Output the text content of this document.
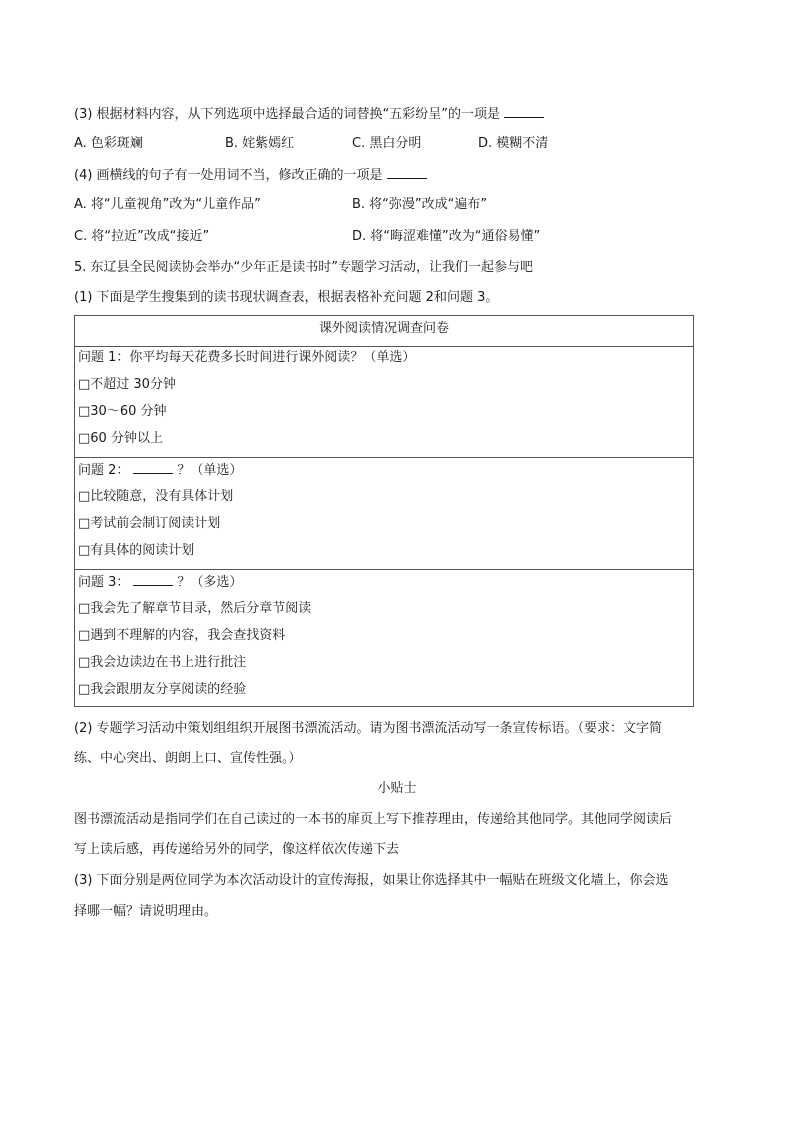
(3) 根据材料内容，从下列选项中选择最合适的词替换“五彩纷呈”的一项是
A. 色彩斑斓	B. 姹紫嫣红	C. 黑白分明	D. 模糊不清
(4) 画横线的句子有一处用词不当，修改正确的一项是
A. 将“儿童视角”改为“儿童作品”	B. 将“弥漫”改成“遍布”
C. 将“拉近”改成“接近”	D. 将“晦涩难懂”改为“通俗易懂”
5. 东辽县全民阅读协会举办“少年正是读书时”专题学习活动，让我们一起参与吧
(1) 下面是学生搜集到的读书现状调查表，根据表格补充问题 2和问题 3。
课外阅读情况调查问卷
问题 1：你平均每天花费多长时间进行课外阅读？（单选）
□不超过 30分钟
□30～60 分钟
□60 分钟以上
问题 2：	？（单选）
□比较随意，没有具体计划
□考试前会制订阅读计划
□有具体的阅读计划
问题 3：	？（多选）
□我会先了解章节目录，然后分章节阅读
□遇到不理解的内容，我会查找资料
□我会边读边在书上进行批注
□我会跟朋友分享阅读的经验
(2) 专题学习活动中策划组组织开展图书漂流活动。请为图书漂流活动写一条宣传标语。（要求：文字简
练、中心突出、朗朗上口、宣传性强。）
小贴士
图书漂流活动是指同学们在自己读过的一本书的扉页上写下推荐理由，传递给其他同学。其他同学阅读后
写上读后感，再传递给另外的同学，像这样依次传递下去
(3) 下面分别是两位同学为本次活动设计的宣传海报，如果让你选择其中一幅贴在班级文化墙上，你会选
择哪一幅？请说明理由。
